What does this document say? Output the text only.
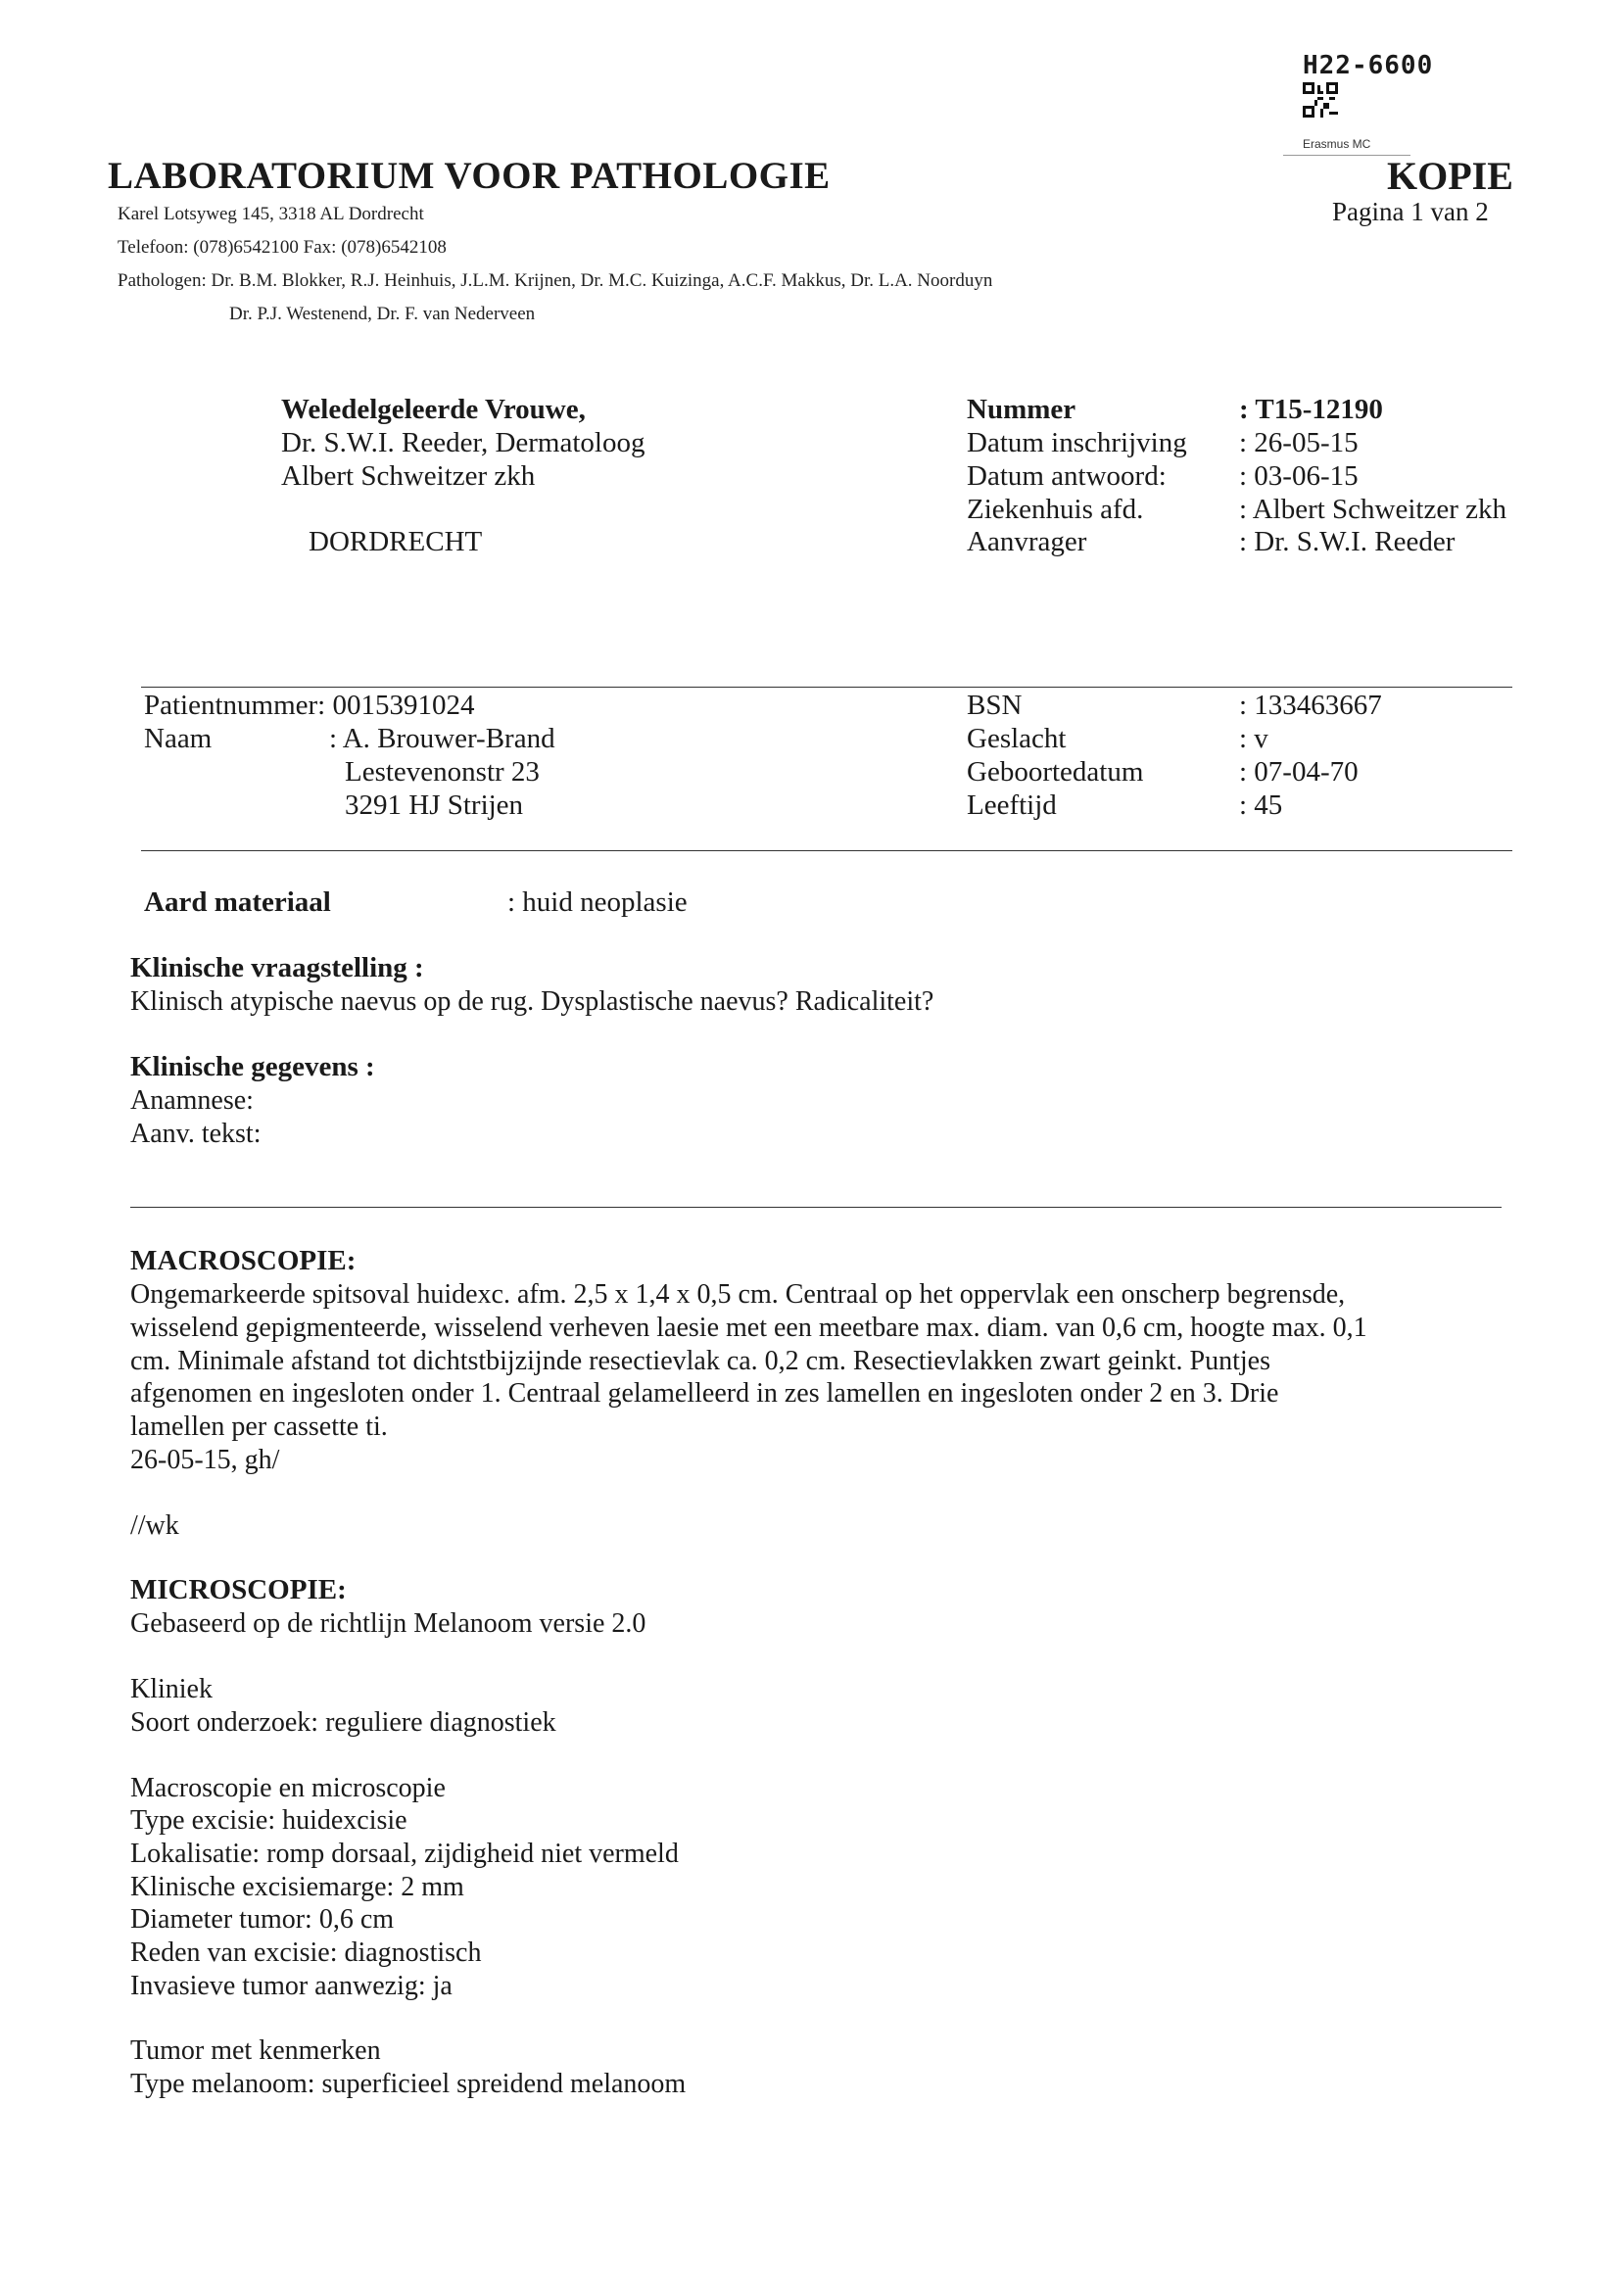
H22-6600
Erasmus MC
KOPIE
Pagina 1 van 2
LABORATORIUM VOOR PATHOLOGIE
Karel Lotsyweg 145, 3318 AL Dordrecht
Telefoon: (078)6542100 Fax: (078)6542108
Pathologen: Dr. B.M. Blokker, R.J. Heinhuis, J.L.M. Krijnen, Dr. M.C. Kuizinga, A.C.F. Makkus, Dr. L.A. Noorduyn
Dr. P.J. Westenend, Dr. F. van Nederveen
Weledelgeleerde Vrouwe,
Dr. S.W.I. Reeder, Dermatoloog
Albert Schweitzer zkh
DORDRECHT
Nummer	: T15-12190
Datum inschrijving : 26-05-15
Datum antwoord:	: 03-06-15
Ziekenhuis afd.	: Albert Schweitzer zkh
Aanvrager	: Dr. S.W.I. Reeder
Patientnummer: 0015391024
Naam	: A. Brouwer-Brand
Lestevenonstr 23
3291 HJ Strijen
BSN	: 133463667
Geslacht	: v
Geboortedatum	: 07-04-70
Leeftijd	: 45
Aard materiaal	: huid neoplasie
Klinische vraagstelling :
Klinisch atypische naevus op de rug. Dysplastische naevus? Radicaliteit?
Klinische gegevens :
Anamnese:
Aanv. tekst:
MACROSCOPIE:
Ongemarkeerde spitsoval huidexc. afm. 2,5 x 1,4 x 0,5 cm. Centraal op het oppervlak een onscherp begrensde,
wisselend gepigmenteerde, wisselend verheven laesie met een meetbare max. diam. van 0,6 cm, hoogte max. 0,1
cm. Minimale afstand tot dichtstbijzijnde resectievlak ca. 0,2 cm. Resectievlakken zwart geinkt. Puntjes
afgenomen en ingesloten onder 1. Centraal gelamelleerd in zes lamellen en ingesloten onder 2 en 3. Drie
lamellen per cassette ti.
26-05-15, gh/
//wk
MICROSCOPIE:
Gebaseerd op de richtlijn Melanoom versie 2.0
Kliniek
Soort onderzoek: reguliere diagnostiek
Macroscopie en microscopie
Type excisie: huidexcisie
Lokalisatie: romp dorsaal, zijdigheid niet vermeld
Klinische excisiemarge: 2 mm
Diameter tumor: 0,6 cm
Reden van excisie: diagnostisch
Invasieve tumor aanwezig: ja
Tumor met kenmerken
Type melanoom: superficieel spreidend melanoom
